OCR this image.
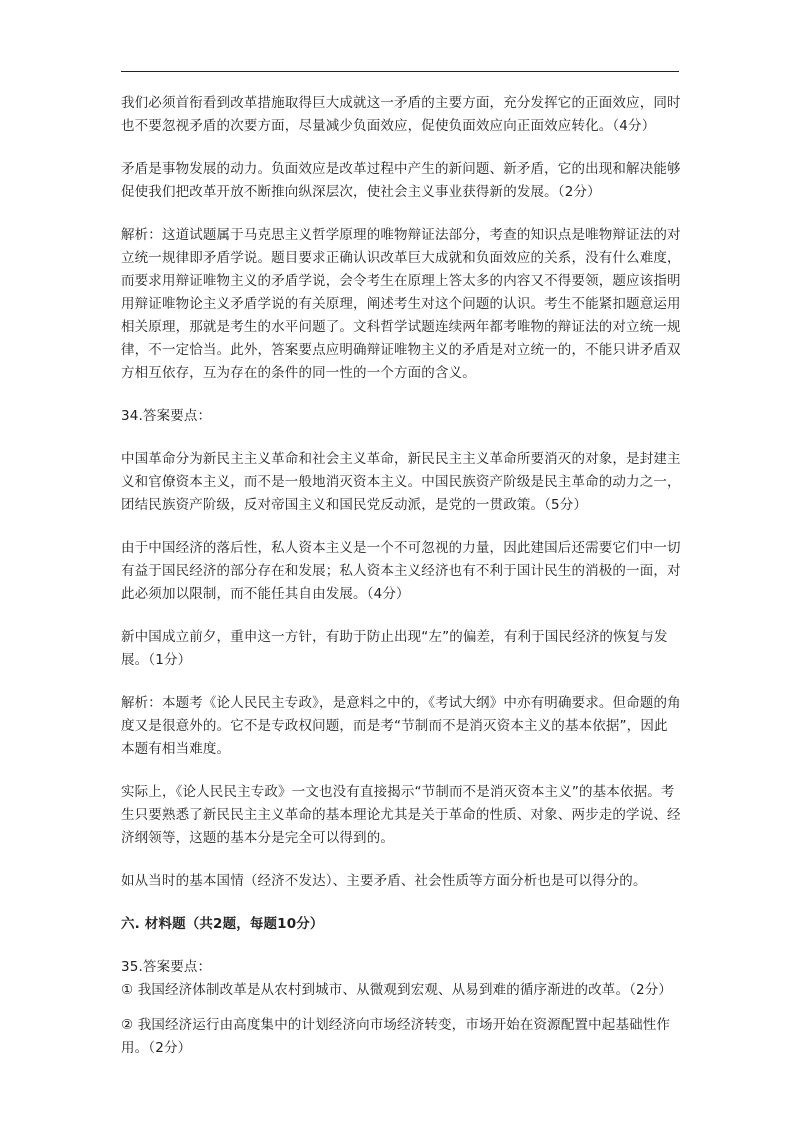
我们必须首衔看到改革措施取得巨大成就这一矛盾的主要方面，充分发挥它的正面效应，同时也不要忽视矛盾的次要方面，尽量减少负面效应，促使负面效应向正面效应转化。（4分）

矛盾是事物发展的动力。负面效应是改革过程中产生的新问题、新矛盾，它的出现和解决能够促使我们把改革开放不断推向纵深层次，使社会主义事业获得新的发展。（2分）

解析：这道试题属于马克思主义哲学原理的唯物辩证法部分，考查的知识点是唯物辩证法的对立统一规律即矛盾学说。题目要求正确认识改革巨大成就和负面效应的关系，没有什么难度，而要求用辩证唯物主义的矛盾学说，会令考生在原理上答太多的内容又不得要领，题应该指明用辩证唯物论主义矛盾学说的有关原理，阐述考生对这个问题的认识。考生不能紧扣题意运用相关原理，那就是考生的水平问题了。文科哲学试题连续两年都考唯物的辩证法的对立统一规律，不一定恰当。此外，答案要点应明确辩证唯物主义的矛盾是对立统一的，不能只讲矛盾双方相互依存，互为存在的条件的同一性的一个方面的含义。

34.答案要点：

中国革命分为新民主主义革命和社会主义革命，新民民主主义革命所要消灭的对象，是封建主义和官僚资本主义，而不是一般地消灭资本主义。中国民族资产阶级是民主革命的动力之一，团结民族资产阶级，反对帝国主义和国民党反动派，是党的一贯政策。（5分）

由于中国经济的落后性，私人资本主义是一个不可忽视的力量，因此建国后还需要它们中一切有益于国民经济的部分存在和发展；私人资本主义经济也有不利于国计民生的消极的一面，对此必须加以限制，而不能任其自由发展。（4分）

新中国成立前夕，重申这一方针，有助于防止出现“左”的偏差，有利于国民经济的恢复与发展。（1分）

解析：本题考《论人民民主专政》，是意料之中的，《考试大纲》中亦有明确要求。但命题的角度又是很意外的。它不是专政权问题，而是考“节制而不是消灭资本主义的基本依据”，因此本题有相当难度。

实际上，《论人民民主专政》一文也没有直接揭示“节制而不是消灭资本主义”的基本依据。考生只要熟悉了新民民主主义革命的基本理论尤其是关于革命的性质、对象、两步走的学说、经济纲领等，这题的基本分是完全可以得到的。

如从当时的基本国情（经济不发达）、主要矛盾、社会性质等方面分析也是可以得分的。

六. 材料题（共2题，每题10分）

35.答案要点：

① 我国经济体制改革是从农村到城市、从微观到宏观、从易到难的循序渐进的改革。（2分）

② 我国经济运行由高度集中的计划经济向市场经济转变，市场开始在资源配置中起基础性作用。（2分）
